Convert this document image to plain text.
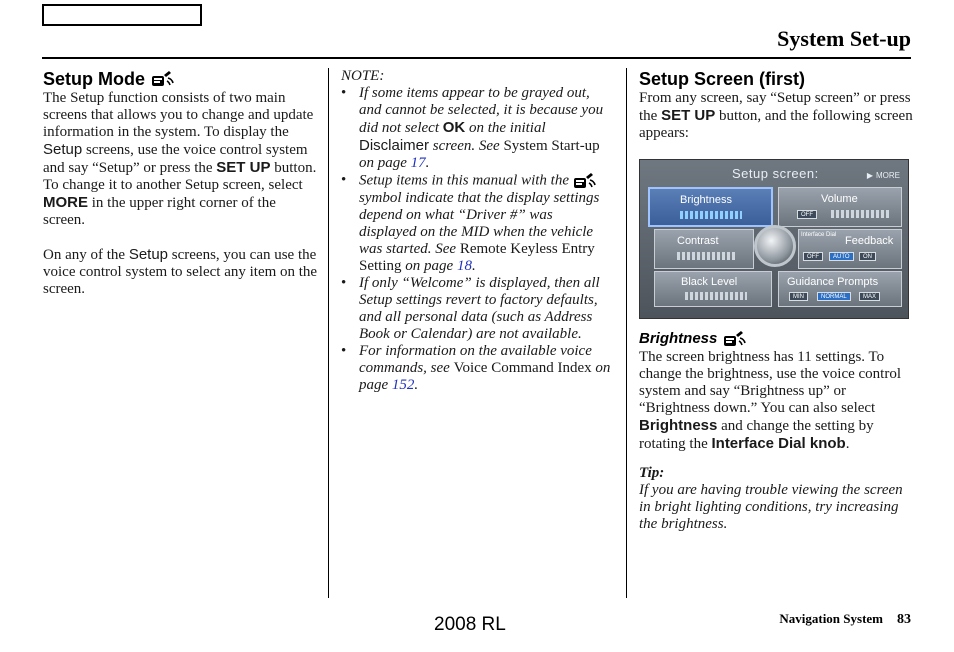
System Set-up
Setup Mode

The Setup function consists of two main screens that allows you to change and update information in the system. To display the Setup screens, use the voice control system and say “Setup” or press the SET UP button. To change it to another Setup screen, select MORE in the upper right corner of the screen.

On any of the Setup screens, you can use the voice control system to select any item on the screen.

NOTE:

• If some items appear to be grayed out, and cannot be selected, it is because you did not select OK on the initial Disclaimer screen. See System Start-up on page 17.
• Setup items in this manual with the  symbol indicate that the display settings depend on what “Driver #” was displayed on the MID when the vehicle was started. See Remote Keyless Entry Setting on page 18.
• If only “Welcome” is displayed, then all Setup settings revert to factory defaults, and all personal data (such as Address Book or Calendar) are not available.
• For information on the available voice commands, see Voice Command Index on page 152.
Setup Screen (first)

From any screen, say “Setup screen” or press the SET UP button, and the following screen appears:

Setup screen:	▶ MORE
Brightness	Volume
OFF
Contrast	Interface Dial Feedback
OFF	AUTO	ON
Black Level	Guidance Prompts
MIN	NORMAL	MAX
Brightness

The screen brightness has 11 settings. To change the brightness, use the voice control system and say “Brightness up” or “Brightness down.” You can also select Brightness and change the setting by rotating the Interface Dial knob.

Tip:

If you are having trouble viewing the screen in bright lighting conditions, try increasing the brightness.

Navigation System 83
2008 RL
